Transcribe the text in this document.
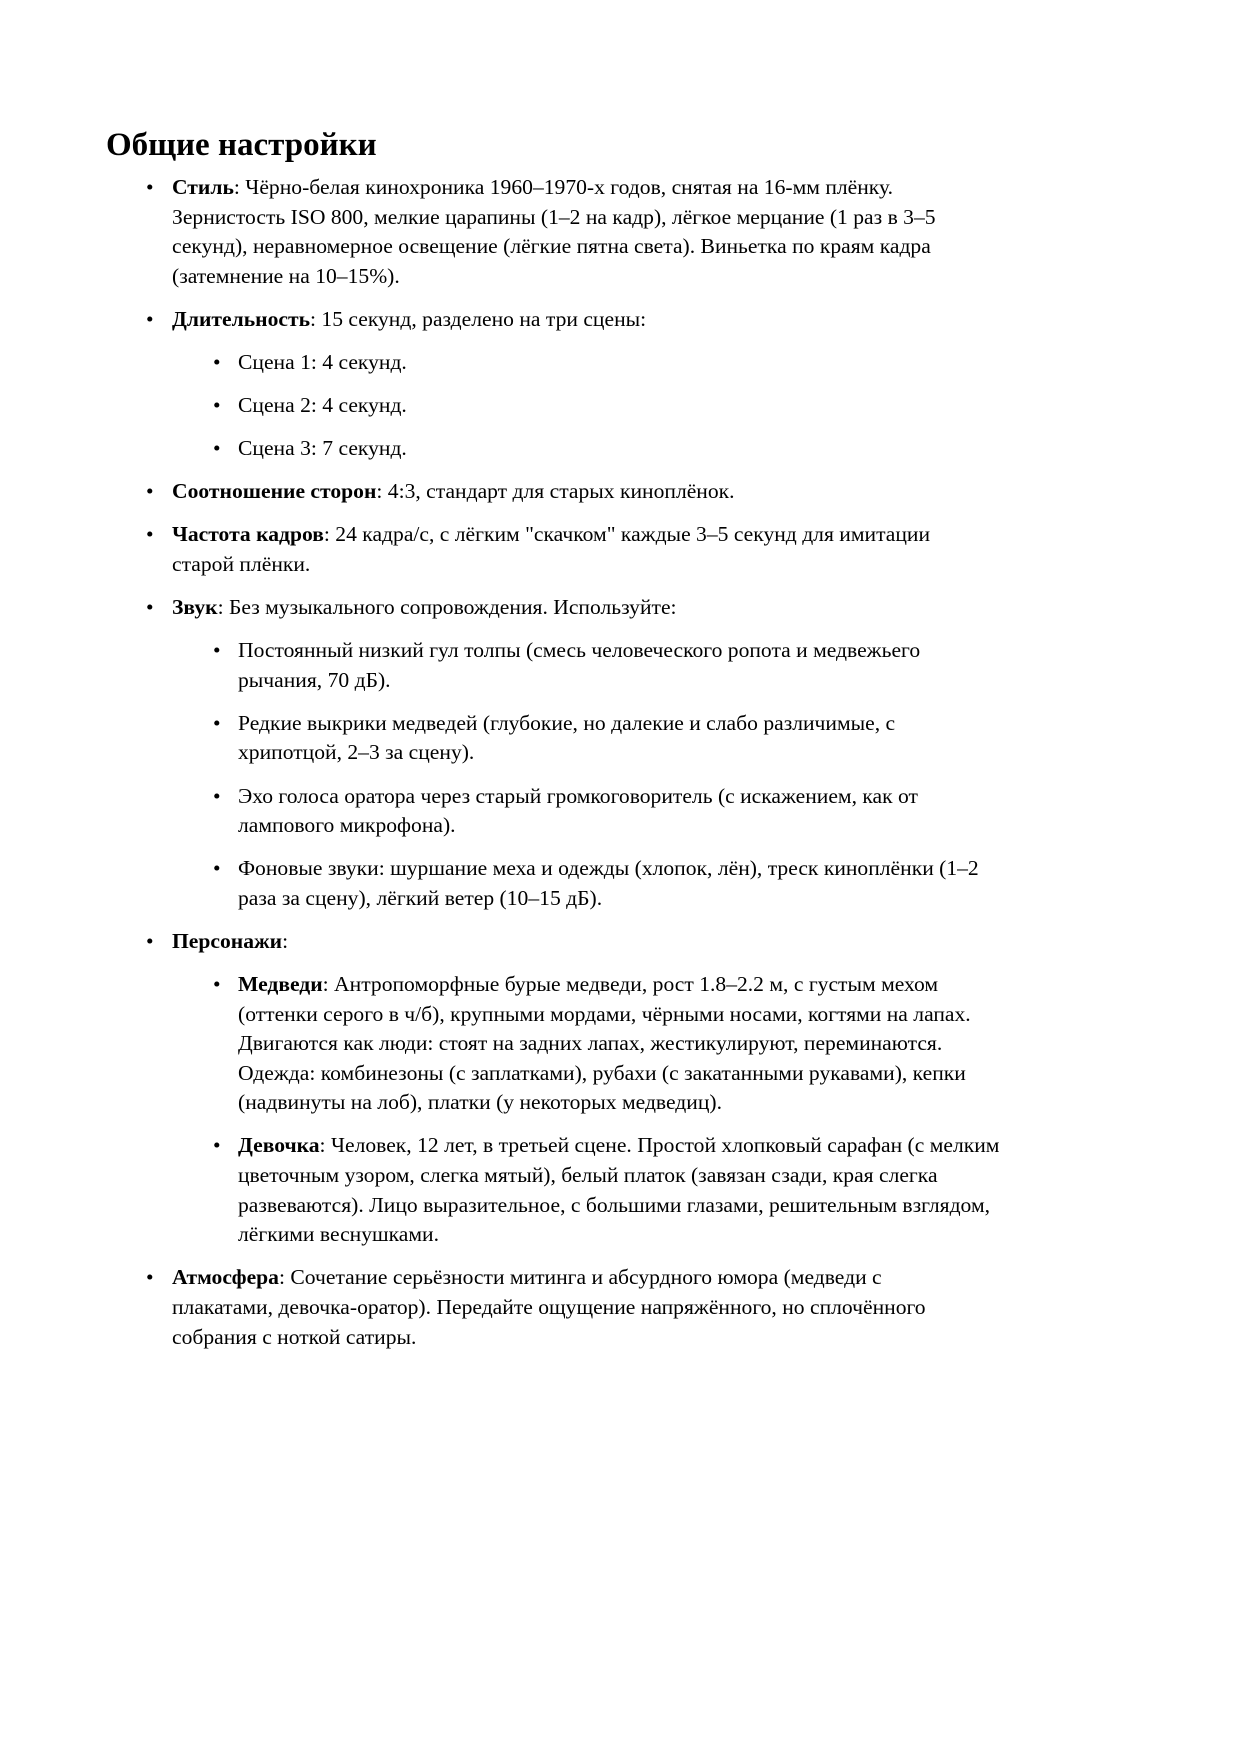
Общие настройки
• Стиль: Чёрно-белая кинохроника 1960–1970-х годов, снятая на 16-мм плёнку. Зернистость ISO 800, мелкие царапины (1–2 на кадр), лёгкое мерцание (1 раз в 3–5 секунд), неравномерное освещение (лёгкие пятна света). Виньетка по краям кадра (затемнение на 10–15%).
• Длительность: 15 секунд, разделено на три сцены:
• Сцена 1: 4 секунд.
• Сцена 2: 4 секунд.
• Сцена 3: 7 секунд.
• Соотношение сторон: 4:3, стандарт для старых киноплёнок.
• Частота кадров: 24 кадра/с, с лёгким "скачком" каждые 3–5 секунд для имитации старой плёнки.
• Звук: Без музыкального сопровождения. Используйте:
• Постоянный низкий гул толпы (смесь человеческого ропота и медвежьего рычания, 70 дБ).
• Редкие выкрики медведей (глубокие, но далекие и слабо различимые, с хрипотцой, 2–3 за сцену).
• Эхо голоса оратора через старый громкоговоритель (с искажением, как от лампового микрофона).
• Фоновые звуки: шуршание меха и одежды (хлопок, лён), треск киноплёнки (1–2 раза за сцену), лёгкий ветер (10–15 дБ).
• Персонажи:
• Медведи: Антропоморфные бурые медведи, рост 1.8–2.2 м, с густым мехом (оттенки серого в ч/б), крупными мордами, чёрными носами, когтями на лапах. Двигаются как люди: стоят на задних лапах, жестикулируют, переминаются. Одежда: комбинезоны (с заплатками), рубахи (с закатанными рукавами), кепки (надвинуты на лоб), платки (у некоторых медведиц).
• Девочка: Человек, 12 лет, в третьей сцене. Простой хлопковый сарафан (с мелким цветочным узором, слегка мятый), белый платок (завязан сзади, края слегка развеваются). Лицо выразительное, с большими глазами, решительным взглядом, лёгкими веснушками.
• Атмосфера: Сочетание серьёзности митинга и абсурдного юмора (медведи с плакатами, девочка-оратор). Передайте ощущение напряжённого, но сплочённого собрания с ноткой сатиры.
